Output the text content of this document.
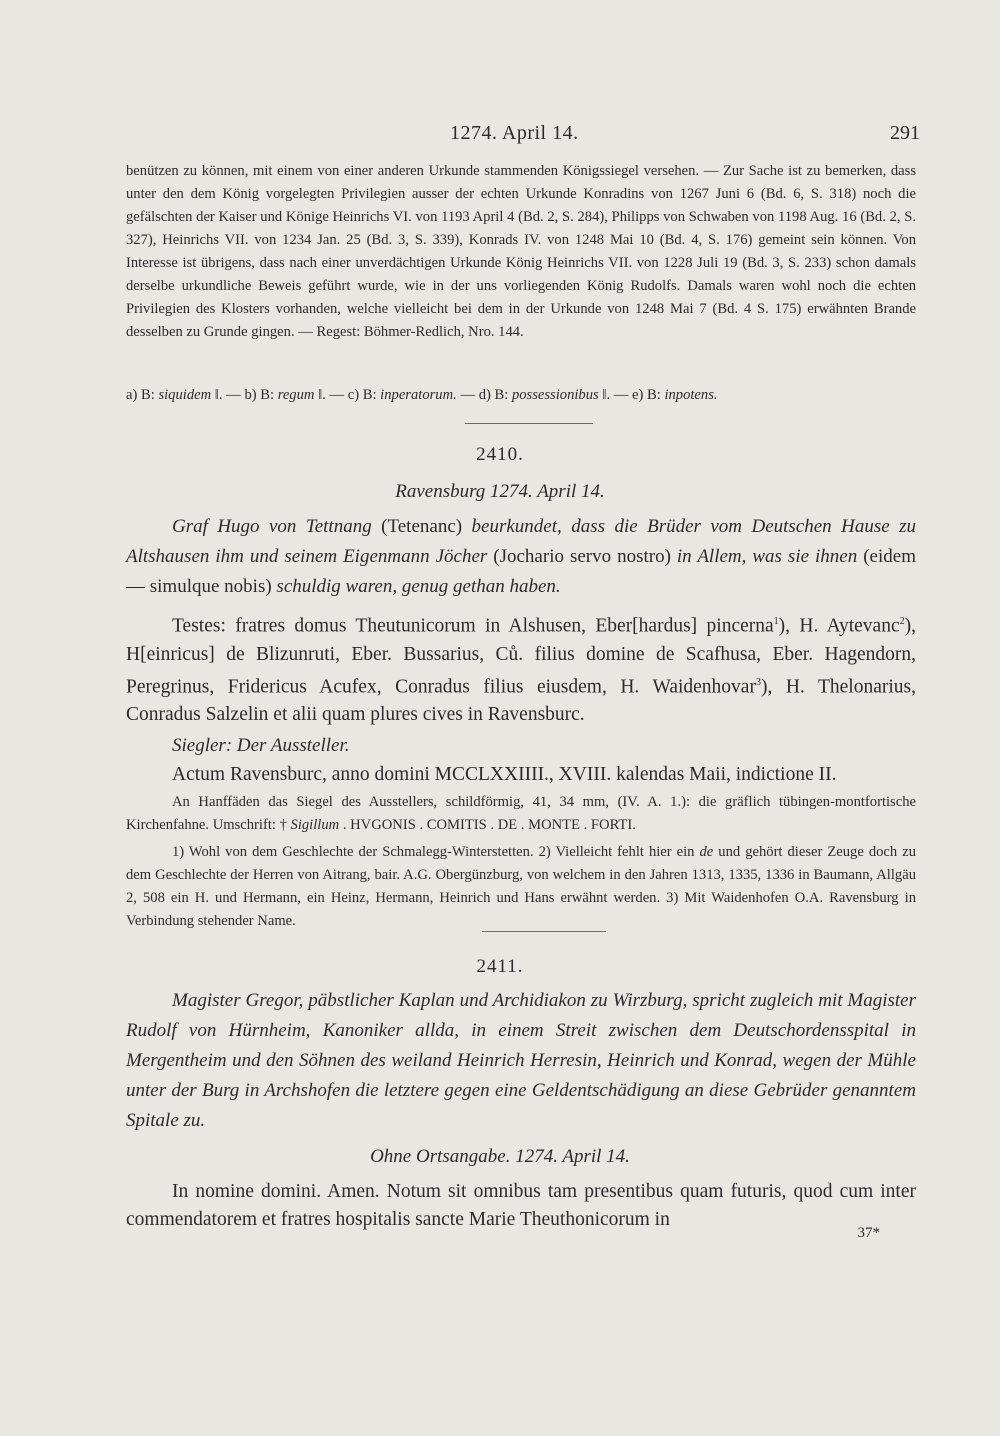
1274. April 14.	291

benützen zu können, mit einem von einer anderen Urkunde stammenden Königssiegel versehen. — Zur Sache ist zu bemerken, dass unter den dem König vorgelegten Privilegien ausser der echten Urkunde Konradins von 1267 Juni 6 (Bd. 6, S. 318) noch die gefälschten der Kaiser und Könige Heinrichs VI. von 1193 April 4 (Bd. 2, S. 284), Philipps von Schwaben von 1198 Aug. 16 (Bd. 2, S. 327), Heinrichs VII. von 1234 Jan. 25 (Bd. 3, S. 339), Konrads IV. von 1248 Mai 10 (Bd. 4, S. 176) gemeint sein können. Von Interesse ist übrigens, dass nach einer unverdächtigen Urkunde König Heinrichs VII. von 1228 Juli 19 (Bd. 3, S. 233) schon damals derselbe urkundliche Beweis geführt wurde, wie in der uns vorliegenden König Rudolfs. Damals waren wohl noch die echten Privilegien des Klosters vorhanden, welche vielleicht bei dem in der Urkunde von 1248 Mai 7 (Bd. 4 S. 175) erwähnten Brande desselben zu Grunde gingen. — Regest: Böhmer-Redlich, Nro. 144.

a) B: siquidem ‖. — b) B: regum ‖. — c) B: inperatorum. — d) B: possessionibus ‖. — e) B: inpotens.
2410.
Ravensburg 1274. April 14.

Graf Hugo von Tettnang (Tetenanc) beurkundet, dass die Brüder vom Deutschen Hause zu Altshausen ihm und seinem Eigenmann Jöcher (Jochario servo nostro) in Allem, was sie ihnen (eidem — simulque nobis) schuldig waren, genug gethan haben.

Testes: fratres domus Theutunicorum in Alshusen, Eber[hardus] pincerna$^1$), H. Aytevanc$^2$), H[einricus] de Blizunruti, Eber. Bussarius, Ců. filius domine de Scafhusa, Eber. Hagendorn, Peregrinus, Fridericus Acufex, Conradus filius eiusdem, H. Waidenhovar$^3$), H. Thelonarius, Conradus Salzelin et alii quam plures cives in Ravensburc.

Siegler: Der Aussteller.

Actum Ravensburc, anno domini MCCLXXIIII., XVIII. kalendas Maii, indictione II.

An Hanffäden das Siegel des Ausstellers, schildförmig, 41, 34 mm, (IV. A. 1.): die gräflich tübingen-montfortische Kirchenfahne. Umschrift: † Sigillum . HVGONIS . COMITIS . DE . MONTE . FORTI.

1) Wohl von dem Geschlechte der Schmalegg-Winterstetten. 2) Vielleicht fehlt hier ein de und gehört dieser Zeuge doch zu dem Geschlechte der Herren von Aitrang, bair. A.G. Obergünzburg, von welchem in den Jahren 1313, 1335, 1336 in Baumann, Allgäu 2, 508 ein H. und Hermann, ein Heinz, Hermann, Heinrich und Hans erwähnt werden. 3) Mit Waidenhofen O.A. Ravensburg in Verbindung stehender Name.

2411.

Magister Gregor, päbstlicher Kaplan und Archidiakon zu Wirzburg, spricht zugleich mit Magister Rudolf von Hürnheim, Kanoniker allda, in einem Streit zwischen dem Deutschordensspital in Mergentheim und den Söhnen des weiland Heinrich Herresin, Heinrich und Konrad, wegen der Mühle unter der Burg in Archshofen die letztere gegen eine Geldentschädigung an diese Gebrüder genanntem Spitale zu.

Ohne Ortsangabe. 1274. April 14.

In nomine domini. Amen. Notum sit omnibus tam presentibus quam futuris, quod cum inter commendatorem et fratres hospitalis sancte Marie Theuthonicorum in

37*
